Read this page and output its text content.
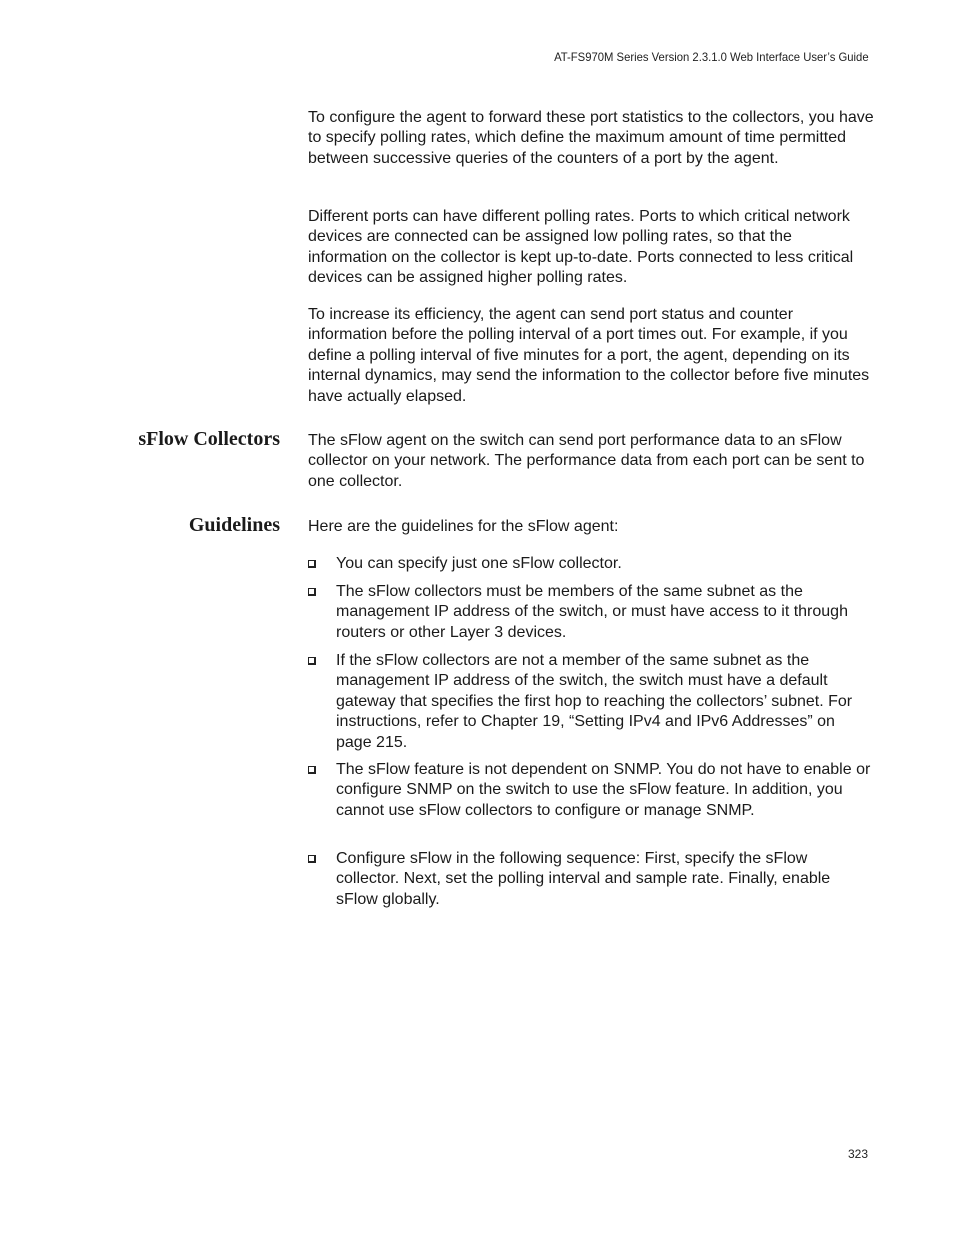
AT-FS970M Series Version 2.3.1.0 Web Interface User’s Guide

To configure the agent to forward these port statistics to the collectors, you have to specify polling rates, which define the maximum amount of time permitted between successive queries of the counters of a port by the agent.

Different ports can have different polling rates. Ports to which critical network devices are connected can be assigned low polling rates, so that the information on the collector is kept up-to-date. Ports connected to less critical devices can be assigned higher polling rates.

To increase its efficiency, the agent can send port status and counter information before the polling interval of a port times out. For example, if you define a polling interval of five minutes for a port, the agent, depending on its internal dynamics, may send the information to the collector before five minutes have actually elapsed.

sFlow Collectors The sFlow agent on the switch can send port performance data to an sFlow collector on your network. The performance data from each port can be sent to one collector.

Guidelines Here are the guidelines for the sFlow agent:

You can specify just one sFlow collector.
The sFlow collectors must be members of the same subnet as the management IP address of the switch, or must have access to it through routers or other Layer 3 devices.
If the sFlow collectors are not a member of the same subnet as the management IP address of the switch, the switch must have a default gateway that specifies the first hop to reaching the collectors’ subnet. For instructions, refer to Chapter 19, “Setting IPv4 and IPv6 Addresses” on page 215.
The sFlow feature is not dependent on SNMP. You do not have to enable or configure SNMP on the switch to use the sFlow feature. In addition, you cannot use sFlow collectors to configure or manage SNMP.
Configure sFlow in the following sequence: First, specify the sFlow collector. Next, set the polling interval and sample rate. Finally, enable sFlow globally.
323
